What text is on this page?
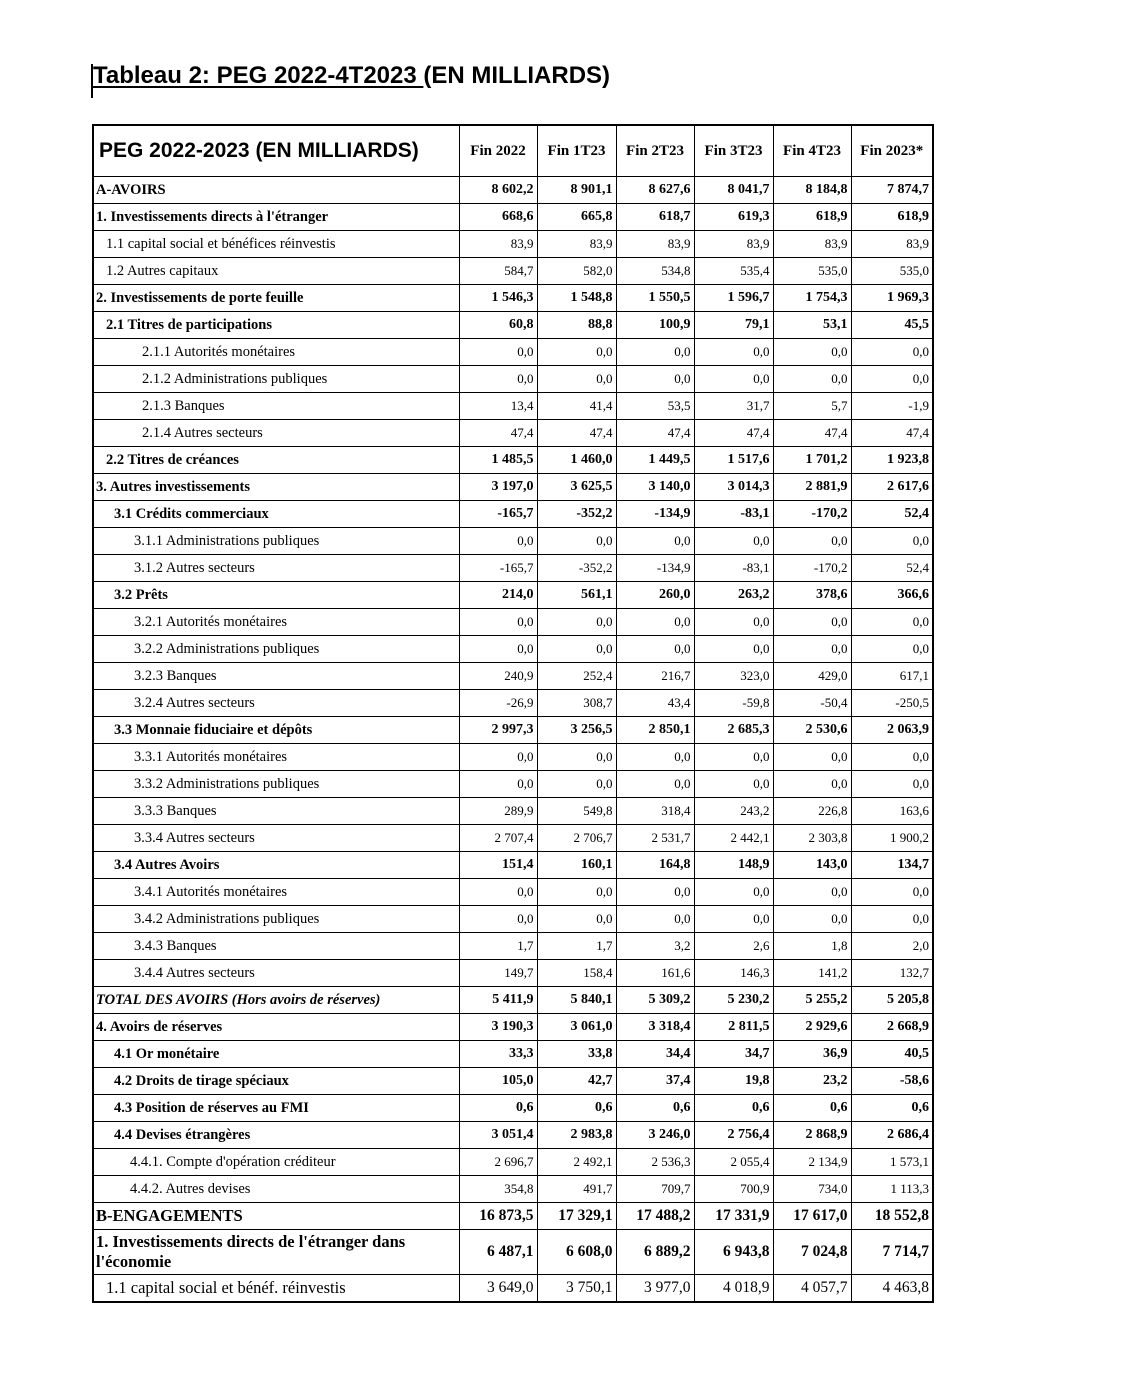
Tableau 2: PEG 2022-4T2023 (EN MILLIARDS)
PEG 2022-2023 (EN MILLIARDS)	Fin 2022	Fin 1T23	Fin 2T23	Fin 3T23	Fin 4T23	Fin 2023*
A-AVOIRS	8 602,2	8 901,1	8 627,6	8 041,7	8 184,8	7 874,7
1. Investissements directs à l'étranger	668,6	665,8	618,7	619,3	618,9	618,9
1.1 capital social et bénéfices réinvestis	83,9	83,9	83,9	83,9	83,9	83,9
1.2 Autres capitaux	584,7	582,0	534,8	535,4	535,0	535,0
2. Investissements de porte feuille	1 546,3	1 548,8	1 550,5	1 596,7	1 754,3	1 969,3
2.1 Titres de participations	60,8	88,8	100,9	79,1	53,1	45,5
2.1.1 Autorités monétaires	0,0	0,0	0,0	0,0	0,0	0,0
2.1.2 Administrations publiques	0,0	0,0	0,0	0,0	0,0	0,0
2.1.3 Banques	13,4	41,4	53,5	31,7	5,7	-1,9
2.1.4 Autres secteurs	47,4	47,4	47,4	47,4	47,4	47,4
2.2 Titres de créances	1 485,5	1 460,0	1 449,5	1 517,6	1 701,2	1 923,8
3. Autres investissements	3 197,0	3 625,5	3 140,0	3 014,3	2 881,9	2 617,6
3.1 Crédits commerciaux	-165,7	-352,2	-134,9	-83,1	-170,2	52,4
3.1.1 Administrations publiques	0,0	0,0	0,0	0,0	0,0	0,0
3.1.2 Autres secteurs	-165,7	-352,2	-134,9	-83,1	-170,2	52,4
3.2 Prêts	214,0	561,1	260,0	263,2	378,6	366,6
3.2.1 Autorités monétaires	0,0	0,0	0,0	0,0	0,0	0,0
3.2.2 Administrations publiques	0,0	0,0	0,0	0,0	0,0	0,0
3.2.3 Banques	240,9	252,4	216,7	323,0	429,0	617,1
3.2.4 Autres secteurs	-26,9	308,7	43,4	-59,8	-50,4	-250,5
3.3 Monnaie fiduciaire et dépôts	2 997,3	3 256,5	2 850,1	2 685,3	2 530,6	2 063,9
3.3.1 Autorités monétaires	0,0	0,0	0,0	0,0	0,0	0,0
3.3.2 Administrations publiques	0,0	0,0	0,0	0,0	0,0	0,0
3.3.3 Banques	289,9	549,8	318,4	243,2	226,8	163,6
3.3.4 Autres secteurs	2 707,4	2 706,7	2 531,7	2 442,1	2 303,8	1 900,2
3.4 Autres Avoirs	151,4	160,1	164,8	148,9	143,0	134,7
3.4.1 Autorités monétaires	0,0	0,0	0,0	0,0	0,0	0,0
3.4.2 Administrations publiques	0,0	0,0	0,0	0,0	0,0	0,0
3.4.3 Banques	1,7	1,7	3,2	2,6	1,8	2,0
3.4.4 Autres secteurs	149,7	158,4	161,6	146,3	141,2	132,7
TOTAL DES AVOIRS (Hors avoirs de réserves)	5 411,9	5 840,1	5 309,2	5 230,2	5 255,2	5 205,8
4. Avoirs de réserves	3 190,3	3 061,0	3 318,4	2 811,5	2 929,6	2 668,9
4.1 Or monétaire	33,3	33,8	34,4	34,7	36,9	40,5
4.2 Droits de tirage spéciaux	105,0	42,7	37,4	19,8	23,2	-58,6
4.3 Position de réserves au FMI	0,6	0,6	0,6	0,6	0,6	0,6
4.4 Devises étrangères	3 051,4	2 983,8	3 246,0	2 756,4	2 868,9	2 686,4
4.4.1. Compte d'opération créditeur	2 696,7	2 492,1	2 536,3	2 055,4	2 134,9	1 573,1
4.4.2. Autres devises	354,8	491,7	709,7	700,9	734,0	1 113,3
B-ENGAGEMENTS	16 873,5	17 329,1	17 488,2	17 331,9	17 617,0	18 552,8
1. Investissements directs de l'étranger dans l'économie	6 487,1	6 608,0	6 889,2	6 943,8	7 024,8	7 714,7
1.1 capital social et bénéf. réinvestis	3 649,0	3 750,1	3 977,0	4 018,9	4 057,7	4 463,8
